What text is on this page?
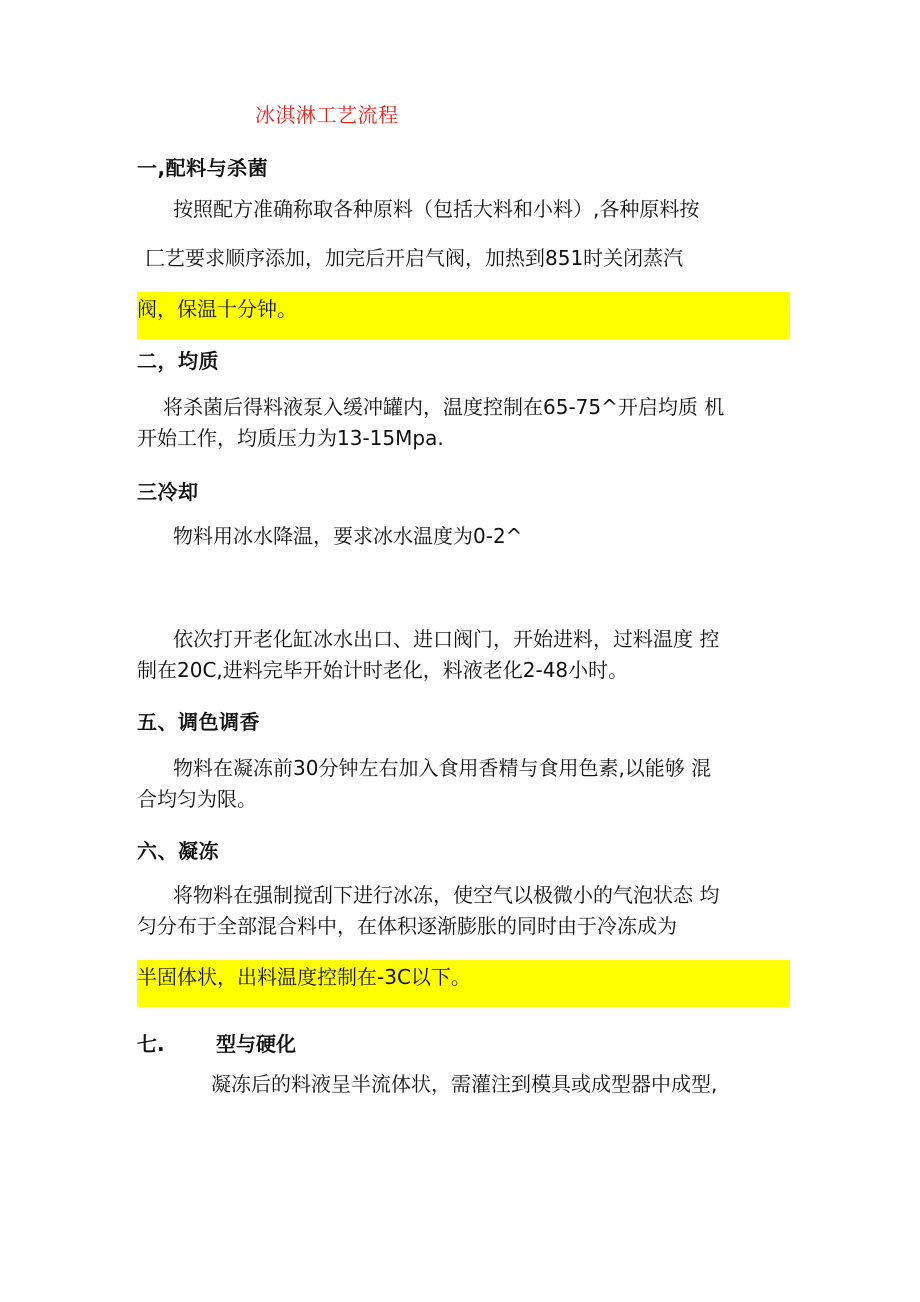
冰淇淋工艺流程
一,配料与杀菌
按照配方准确称取各种原料（包括大料和小料）,各种原料按
匚艺要求顺序添加，加完后开启气阀，加热到851时关闭蒸汽
阀，保温十分钟。
二，均质
将杀菌后得料液泵入缓冲罐内，温度控制在65-75^开启均质 机
开始工作，均质压力为13-15Mpa.
三冷却
物料用冰水降温，要求冰水温度为0-2^
依次打开老化缸冰水出口、进口阀门，开始进料，过料温度 控
制在20C,进料完毕开始计时老化，料液老化2-48小时。
五、调色调香
物料在凝冻前30分钟左右加入食用香精与食用色素,以能够 混
合均匀为限。
六、凝冻
将物料在强制搅刮下进行冰冻，使空气以极微小的气泡状态 均
匀分布于全部混合料中，在体积逐渐膨胀的同时由于冷冻成为
半固体状，出料温度控制在-3C以下。
七.	型与硬化
凝冻后的料液呈半流体状，需灌注到模具或成型器中成型,
